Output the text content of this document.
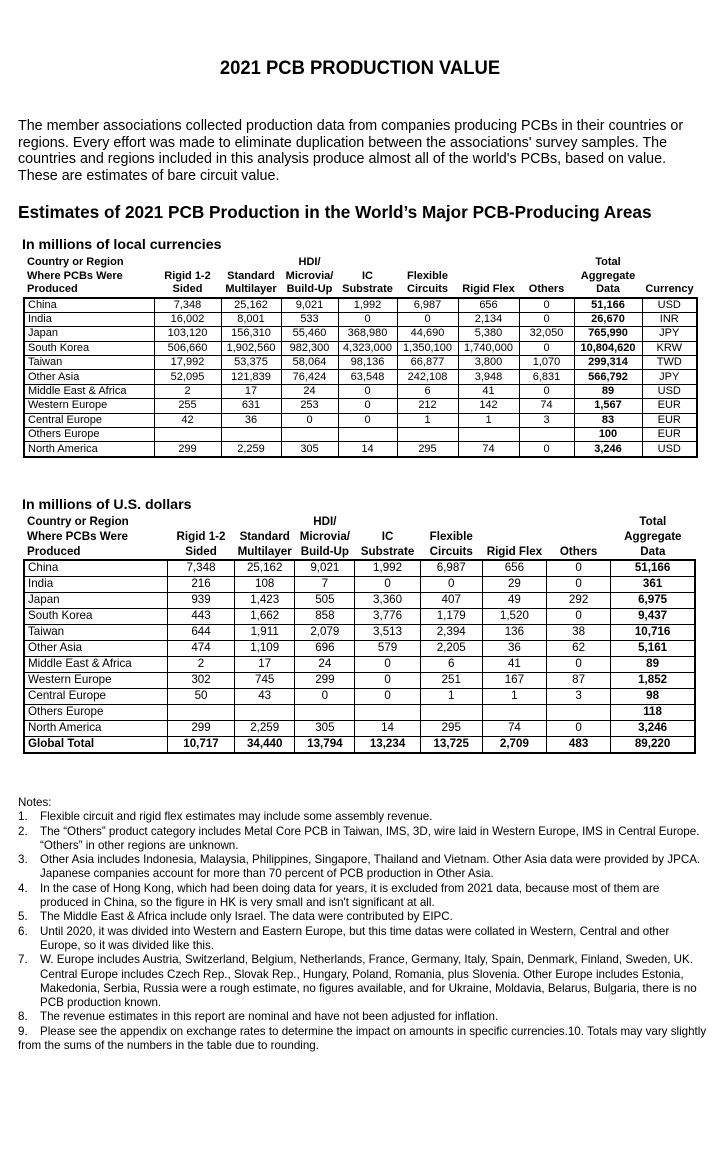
2021 PCB PRODUCTION VALUE
The member associations collected production data from companies producing PCBs in their countries or regions. Every effort was made to eliminate duplication between the associations' survey samples. The countries and regions included in this analysis produce almost all of the world's PCBs, based on value. These are estimates of bare circuit value.
Estimates of 2021 PCB Production in the World’s Major PCB-Producing Areas
In millions of local currencies
Country or Region			HDI/					Total	
Where PCBs Were	Rigid 1-2	Standard	Microvia/	IC	Flexible			Aggregate	
Produced	Sided	Multilayer	Build-Up	Substrate	Circuits	Rigid Flex	Others	Data	Currency
China	7,348	25,162	9,021	1,992	6,987	656	0	51,166	USD
India	16,002	8,001	533	0	0	2,134	0	26,670	INR
Japan	103,120	156,310	55,460	368,980	44,690	5,380	32,050	765,990	JPY
South Korea	506,660	1,902,560	982,300	4,323,000	1,350,100	1,740,000	0	10,804,620	KRW
Taiwan	17,992	53,375	58,064	98,136	66,877	3,800	1,070	299,314	TWD
Other Asia	52,095	121,839	76,424	63,548	242,108	3,948	6,831	566,792	JPY
Middle East & Africa	2	17	24	0	6	41	0	89	USD
Western Europe	255	631	253	0	212	142	74	1,567	EUR
Central Europe	42	36	0	0	1	1	3	83	EUR
Others Europe								100	EUR
North America	299	2,259	305	14	295	74	0	3,246	USD
In millions of U.S. dollars
Country or Region			HDI/					Total
Where PCBs Were	Rigid 1-2	Standard	Microvia/	IC	Flexible			Aggregate
Produced	Sided	Multilayer	Build-Up	Substrate	Circuits	Rigid Flex	Others	Data
China	7,348	25,162	9,021	1,992	6,987	656	0	51,166
India	216	108	7	0	0	29	0	361
Japan	939	1,423	505	3,360	407	49	292	6,975
South Korea	443	1,662	858	3,776	1,179	1,520	0	9,437
Taiwan	644	1,911	2,079	3,513	2,394	136	38	10,716
Other Asia	474	1,109	696	579	2,205	36	62	5,161
Middle East & Africa	2	17	24	0	6	41	0	89
Western Europe	302	745	299	0	251	167	87	1,852
Central Europe	50	43	0	0	1	1	3	98
Others Europe								118
North America	299	2,259	305	14	295	74	0	3,246
Global Total	10,717	34,440	13,794	13,234	13,725	2,709	483	89,220

Notes:

1. Flexible circuit and rigid flex estimates may include some assembly revenue.
2. The “Others” product category includes Metal Core PCB in Taiwan, IMS, 3D, wire laid in Western Europe, IMS in Central Europe. “Others” in other regions are unknown.
3. Other Asia includes Indonesia, Malaysia, Philippines, Singapore, Thailand and Vietnam. Other Asia data were provided by JPCA. Japanese companies account for more than 70 percent of PCB production in Other Asia.
4. In the case of Hong Kong, which had been doing data for years, it is excluded from 2021 data, because most of them are produced in China, so the figure in HK is very small and isn't significant at all.
5. The Middle East & Africa include only Israel. The data were contributed by EIPC.
6. Until 2020, it was divided into Western and Eastern Europe, but this time datas were collated in Western, Central and other Europe, so it was divided like this.
7. W. Europe includes Austria, Switzerland, Belgium, Netherlands, France, Germany, Italy, Spain, Denmark, Finland, Sweden, UK. Central Europe includes Czech Rep., Slovak Rep., Hungary, Poland, Romania, plus Slovenia. Other Europe includes Estonia, Makedonia, Serbia, Russia were a rough estimate, no figures available, and for Ukraine, Moldavia, Belarus, Bulgaria, there is no PCB production known.
8. The revenue estimates in this report are nominal and have not been adjusted for inflation.
9. Please see the appendix on exchange rates to determine the impact on amounts in specific currencies.10. Totals may vary slightly from the sums of the numbers in the table due to rounding.
